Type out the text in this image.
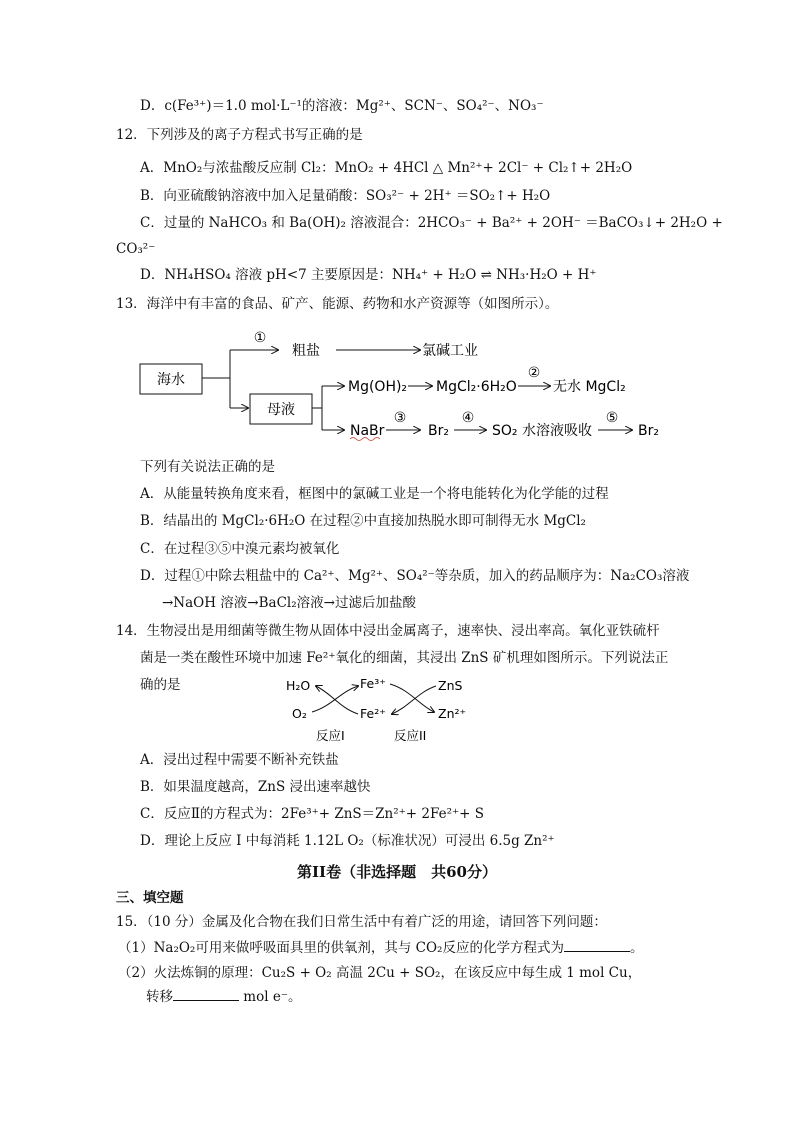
D．c(Fe³⁺)＝1.0 mol·L⁻¹的溶液：Mg²⁺、SCN⁻、SO₄²⁻、NO₃⁻
12．下列涉及的离子方程式书写正确的是
A．MnO₂与浓盐酸反应制 Cl₂：MnO₂ + 4HCl △ Mn²⁺+ 2Cl⁻ + Cl₂↑+ 2H₂O
B．向亚硫酸钠溶液中加入足量硝酸：SO₃²⁻ + 2H⁺ ＝SO₂↑+ H₂O
C．过量的 NaHCO₃ 和 Ba(OH)₂ 溶液混合：2HCO₃⁻ + Ba²⁺ + 2OH⁻ ＝BaCO₃↓+ 2H₂O +
CO₃²⁻
D．NH₄HSO₄ 溶液 pH<7 主要原因是：NH₄⁺ + H₂O ⇌ NH₃·H₂O + H⁺
13．海洋中有丰富的食品、矿产、能源、药物和水产资源等（如图所示）。
海水
①
粗盐	氯碱工业
母液
Mg(OH)₂ MgCl₂·6H₂O
②
无水 MgCl₂
NaBr
③
Br₂
④
SO₂ 水溶液吸收
⑤
Br₂
下列有关说法正确的是
A．从能量转换角度来看，框图中的氯碱工业是一个将电能转化为化学能的过程
B．结晶出的 MgCl₂·6H₂O 在过程②中直接加热脱水即可制得无水 MgCl₂
C．在过程③⑤中溴元素均被氧化
D．过程①中除去粗盐中的 Ca²⁺、Mg²⁺、SO₄²⁻等杂质，加入的药品顺序为：Na₂CO₃溶液
→NaOH 溶液→BaCl₂溶液→过滤后加盐酸
14．生物浸出是用细菌等微生物从固体中浸出金属离子，速率快、浸出率高。氧化亚铁硫杆
菌是一类在酸性环境中加速 Fe²⁺氧化的细菌，其浸出 ZnS 矿机理如图所示。下列说法正
确的是	H₂O
O₂
Fe³⁺
Fe²⁺
ZnS
Zn²⁺
反应I	反应II
A．浸出过程中需要不断补充铁盐
B．如果温度越高，ZnS 浸出速率越快
C．反应Ⅱ的方程式为：2Fe³⁺+ ZnS＝Zn²⁺+ 2Fe²⁺+ S
D．理论上反应 I 中每消耗 1.12L O₂（标准状况）可浸出 6.5g Zn²⁺
第II卷（非选择题　共60分）
三、填空题
15．（10 分）金属及化合物在我们日常生活中有着广泛的用途，请回答下列问题：
（1）Na₂O₂可用来做呼吸面具里的供氧剂，其与 CO₂反应的化学方程式为	。
（2）火法炼铜的原理：Cu₂S + O₂ 高温 2Cu + SO₂，在该反应中每生成 1 mol Cu，
转移	mol e⁻。
